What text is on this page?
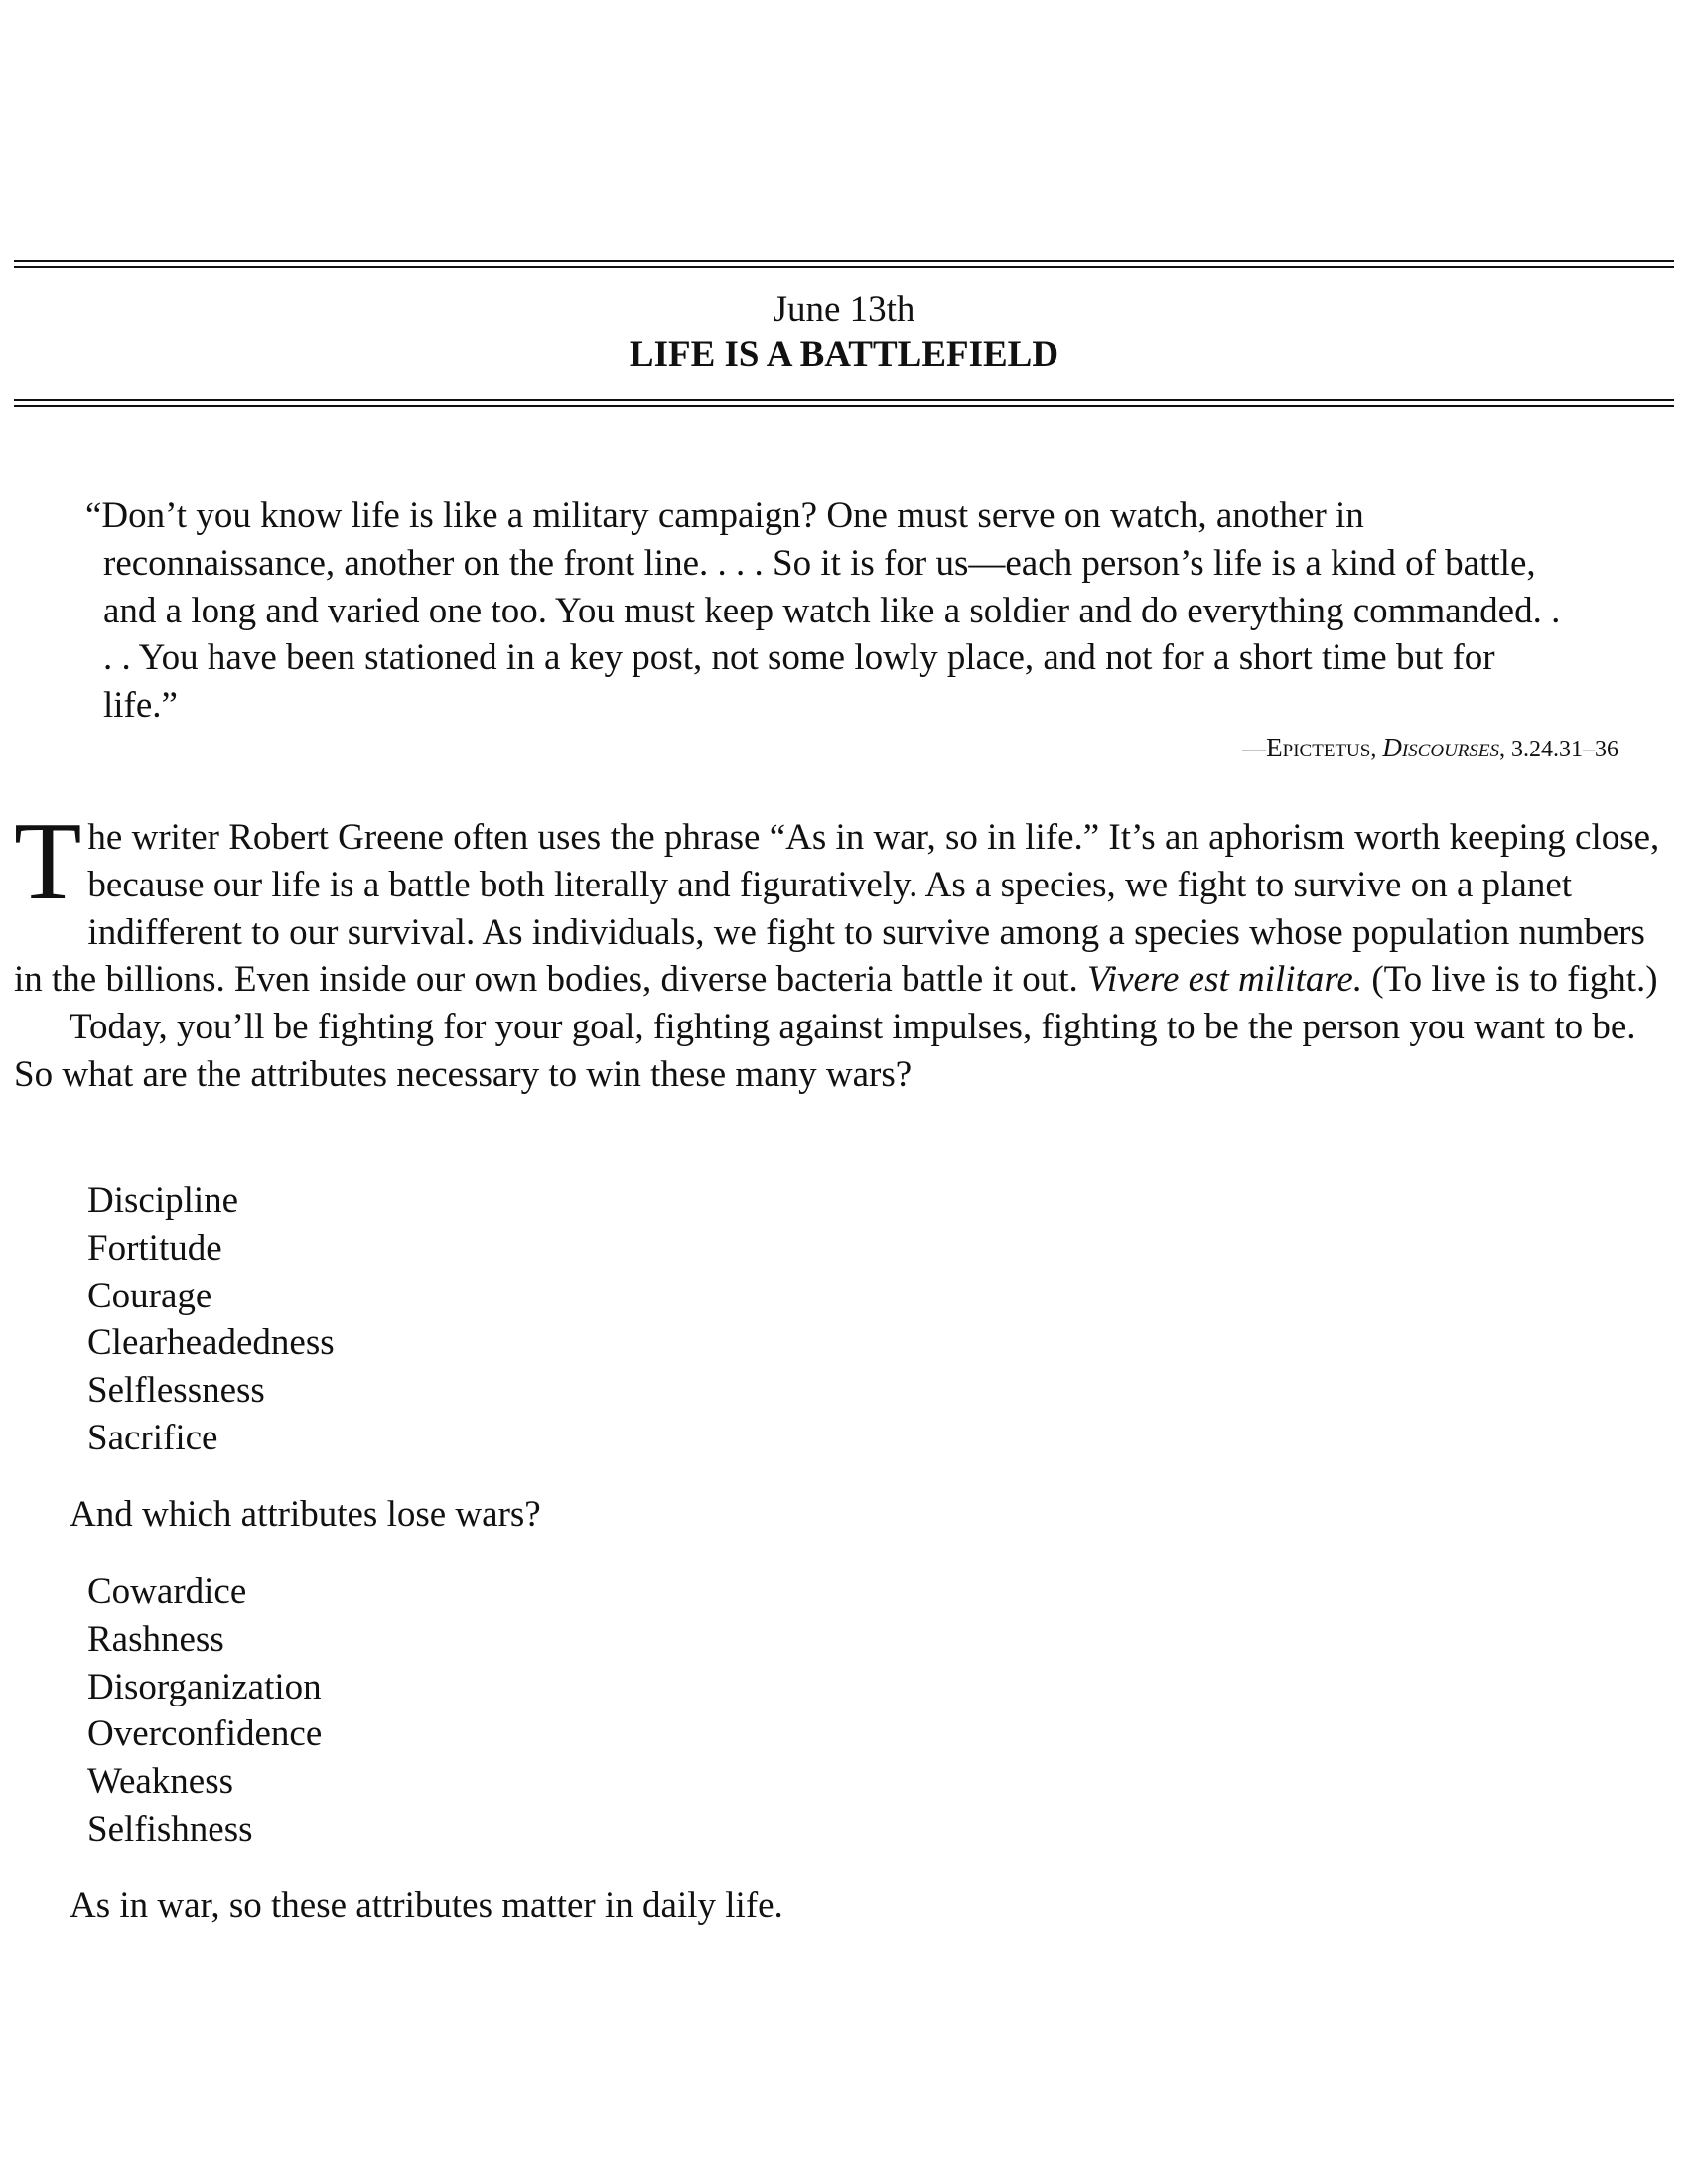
June 13th
LIFE IS A BATTLEFIELD
“Don’t you know life is like a military campaign? One must serve on watch, another in reconnaissance, another on the front line. . . . So it is for us—each person’s life is a kind of battle, and a long and varied one too. You must keep watch like a soldier and do everything commanded. . . . You have been stationed in a key post, not some lowly place, and not for a short time but for life.”
—Epictetus, Discourses, 3.24.31–36

The writer Robert Greene often uses the phrase “As in war, so in life.” It’s an aphorism worth keeping close, because our life is a battle both literally and figuratively. As a species, we fight to survive on a planet indifferent to our survival. As individuals, we fight to survive among a species whose population numbers in the billions. Even inside our own bodies, diverse bacteria battle it out. Vivere est militare. (To live is to fight.)

Today, you’ll be fighting for your goal, fighting against impulses, fighting to be the person you want to be. So what are the attributes necessary to win these many wars?

Discipline
Fortitude
Courage
Clearheadedness
Selflessness
Sacrifice
And which attributes lose wars?
Cowardice
Rashness
Disorganization
Overconfidence
Weakness
Selfishness
As in war, so these attributes matter in daily life.
